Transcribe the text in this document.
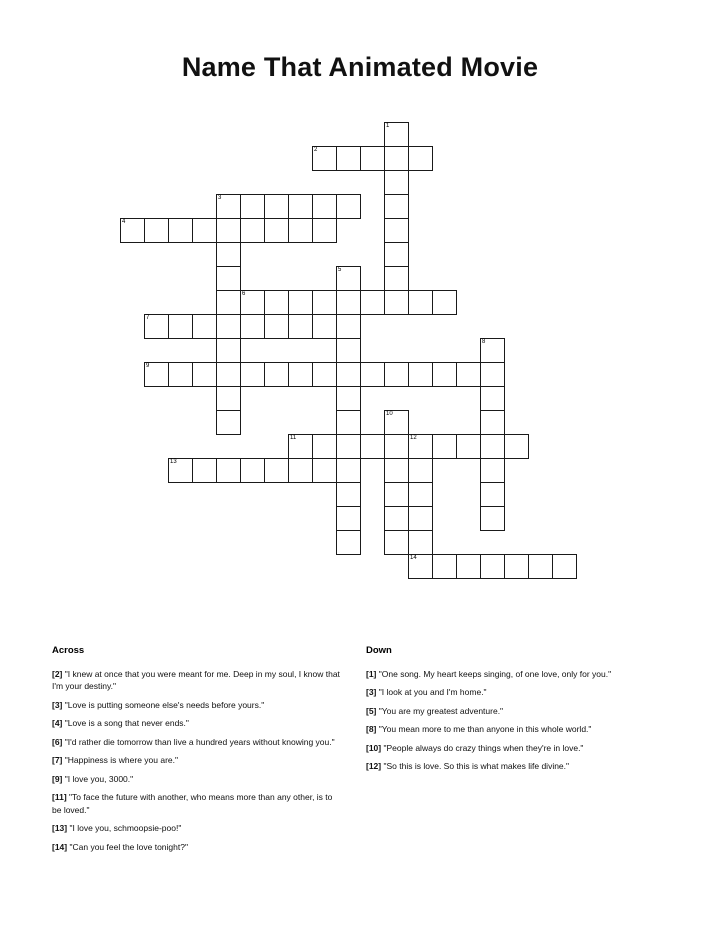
Name That Animated Movie
1
2
3
4
5
6
7
8
9
10
11	12
13
14
Across
[2] "I knew at once that you were meant for me. Deep in my soul, I know that I'm your destiny."
[3] "Love is putting someone else's needs before yours."
[4] "Love is a song that never ends."
[6] "I'd rather die tomorrow than live a hundred years without knowing you."
[7] "Happiness is where you are."
[9] "I love you, 3000."
[11] "To face the future with another, who means more than any other, is to be loved."
[13] "I love you, schmoopsie-poo!"
[14] "Can you feel the love tonight?"
Down
[1] "One song. My heart keeps singing, of one love, only for you."
[3] "I look at you and I'm home."
[5] "You are my greatest adventure."
[8] "You mean more to me than anyone in this whole world."
[10] "People always do crazy things when they're in love."
[12] "So this is love. So this is what makes life divine."
